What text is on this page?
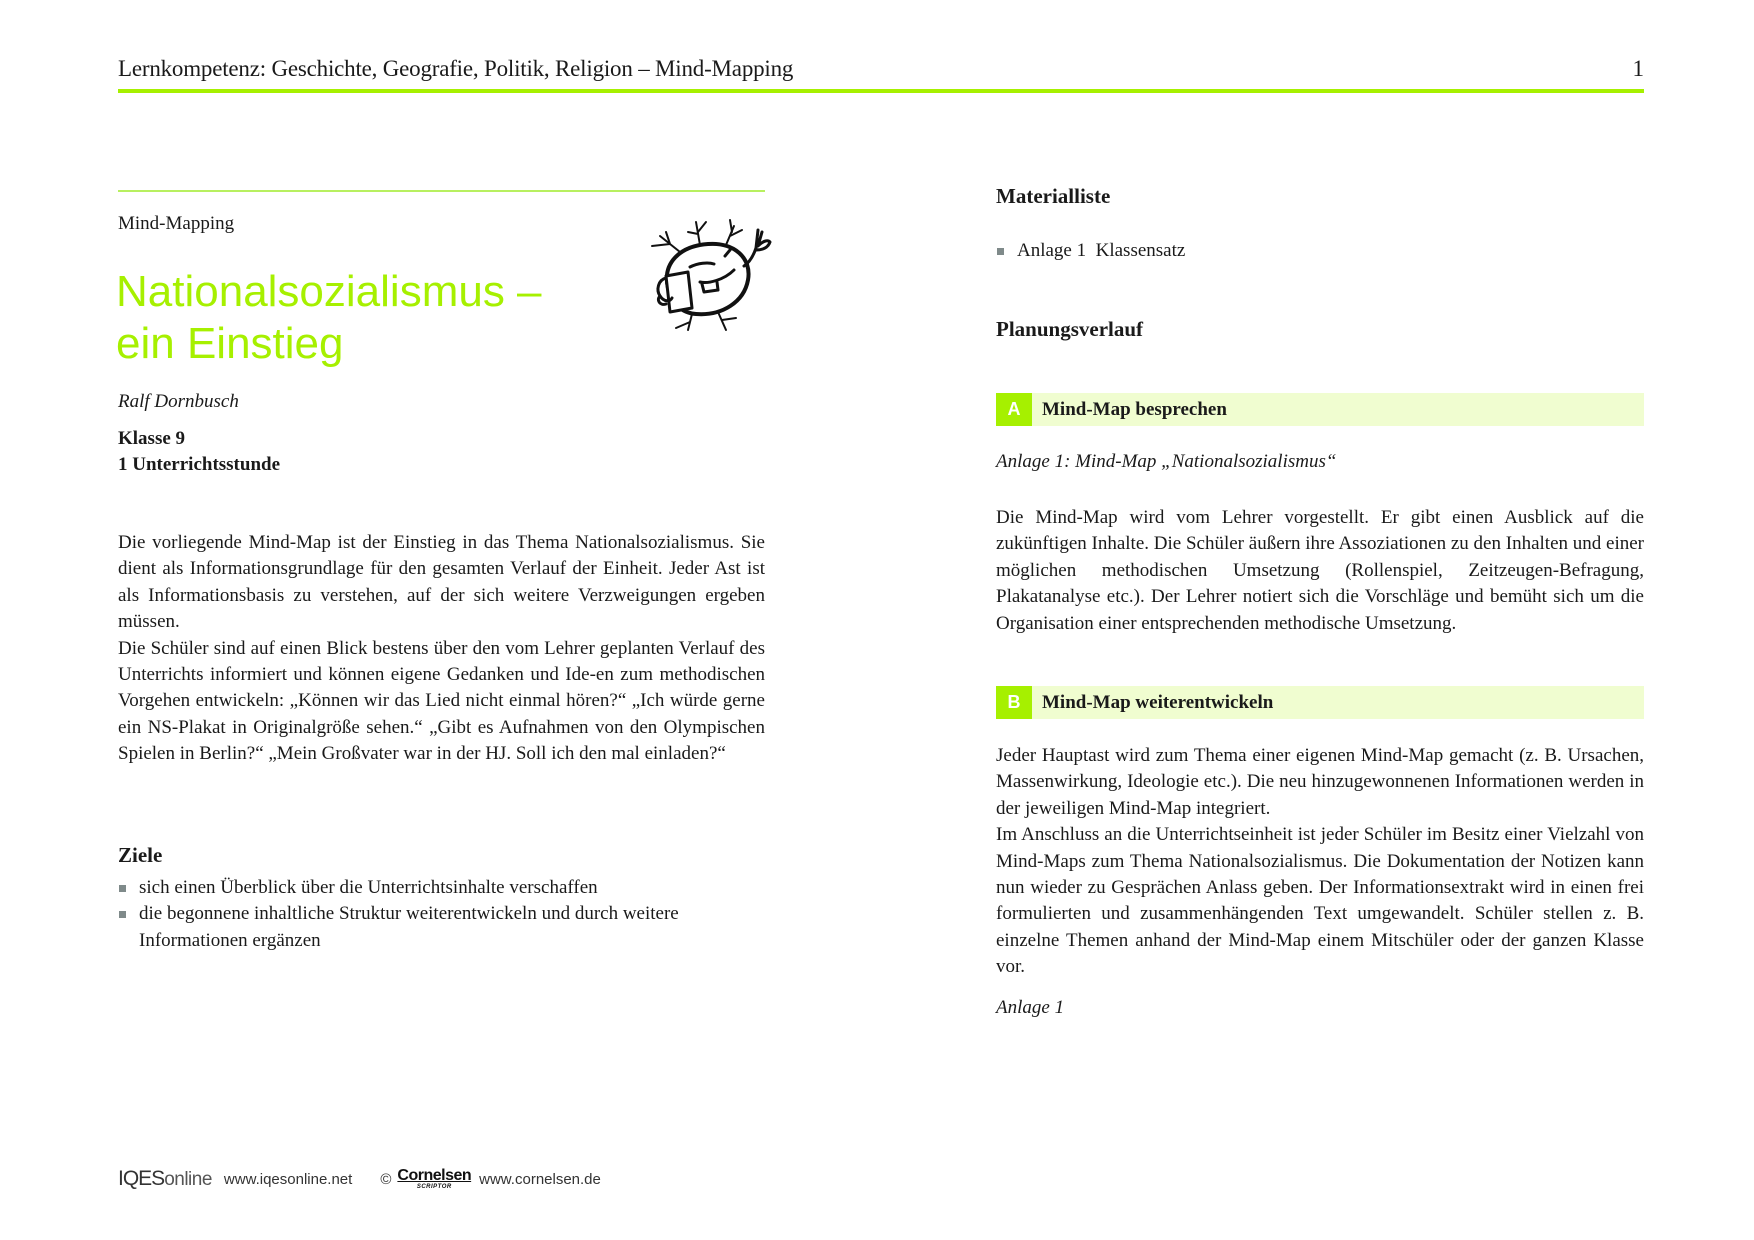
Lernkompetenz: Geschichte, Geografie, Politik, Religion – Mind-Mapping	1
Mind-Mapping
Nationalsozialismus –
ein Einstieg
Ralf Dornbusch
Klasse 9
1 Unterrichtsstunde

Die vorliegende Mind-Map ist der Einstieg in das Thema Nationalsozialismus. Sie dient als Informationsgrundlage für den gesamten Verlauf der Einheit. Jeder Ast ist als Informationsbasis zu verstehen, auf der sich weitere Verzweigungen ergeben müssen.

Die Schüler sind auf einen Blick bestens über den vom Lehrer geplanten Verlauf des Unterrichts informiert und können eigene Gedanken und Ide-en zum methodischen Vorgehen entwickeln: „Können wir das Lied nicht einmal hören?“ „Ich würde gerne ein NS-Plakat in Originalgröße sehen.“ „Gibt es Aufnahmen von den Olympischen Spielen in Berlin?“ „Mein Großvater war in der HJ. Soll ich den mal einladen?“

Ziele
sich einen Überblick über die Unterrichtsinhalte verschaffen
die begonnene inhaltliche Struktur weiterentwickeln und durch weitere Informationen ergänzen
Materialliste
Anlage 1  Klassensatz
Planungsverlauf
A	Mind-Map besprechen
Anlage 1: Mind-Map „Nationalsozialismus“
Die Mind-Map wird vom Lehrer vorgestellt. Er gibt einen Ausblick auf die zukünftigen Inhalte. Die Schüler äußern ihre Assoziationen zu den Inhalten und einer möglichen methodischen Umsetzung (Rollenspiel, Zeitzeugen-Befragung, Plakatanalyse etc.). Der Lehrer notiert sich die Vorschläge und bemüht sich um die Organisation einer entsprechenden methodische Umsetzung.
B	Mind-Map weiterentwickeln

Jeder Hauptast wird zum Thema einer eigenen Mind-Map gemacht (z. B. Ursachen, Massenwirkung, Ideologie etc.). Die neu hinzugewonnenen Informationen werden in der jeweiligen Mind-Map integriert.

Im Anschluss an die Unterrichtseinheit ist jeder Schüler im Besitz einer Vielzahl von Mind-Maps zum Thema Nationalsozialismus. Die Dokumentation der Notizen kann nun wieder zu Gesprächen Anlass geben. Der Informationsextrakt wird in einen frei formulierten und zusammenhängenden Text umgewandelt. Schüler stellen z. B. einzelne Themen anhand der Mind-Map einem Mitschüler oder der ganzen Klasse vor.

Anlage 1
IQESonline www.iqesonline.net © Cornelsen
SCRIPTOR www.cornelsen.de
